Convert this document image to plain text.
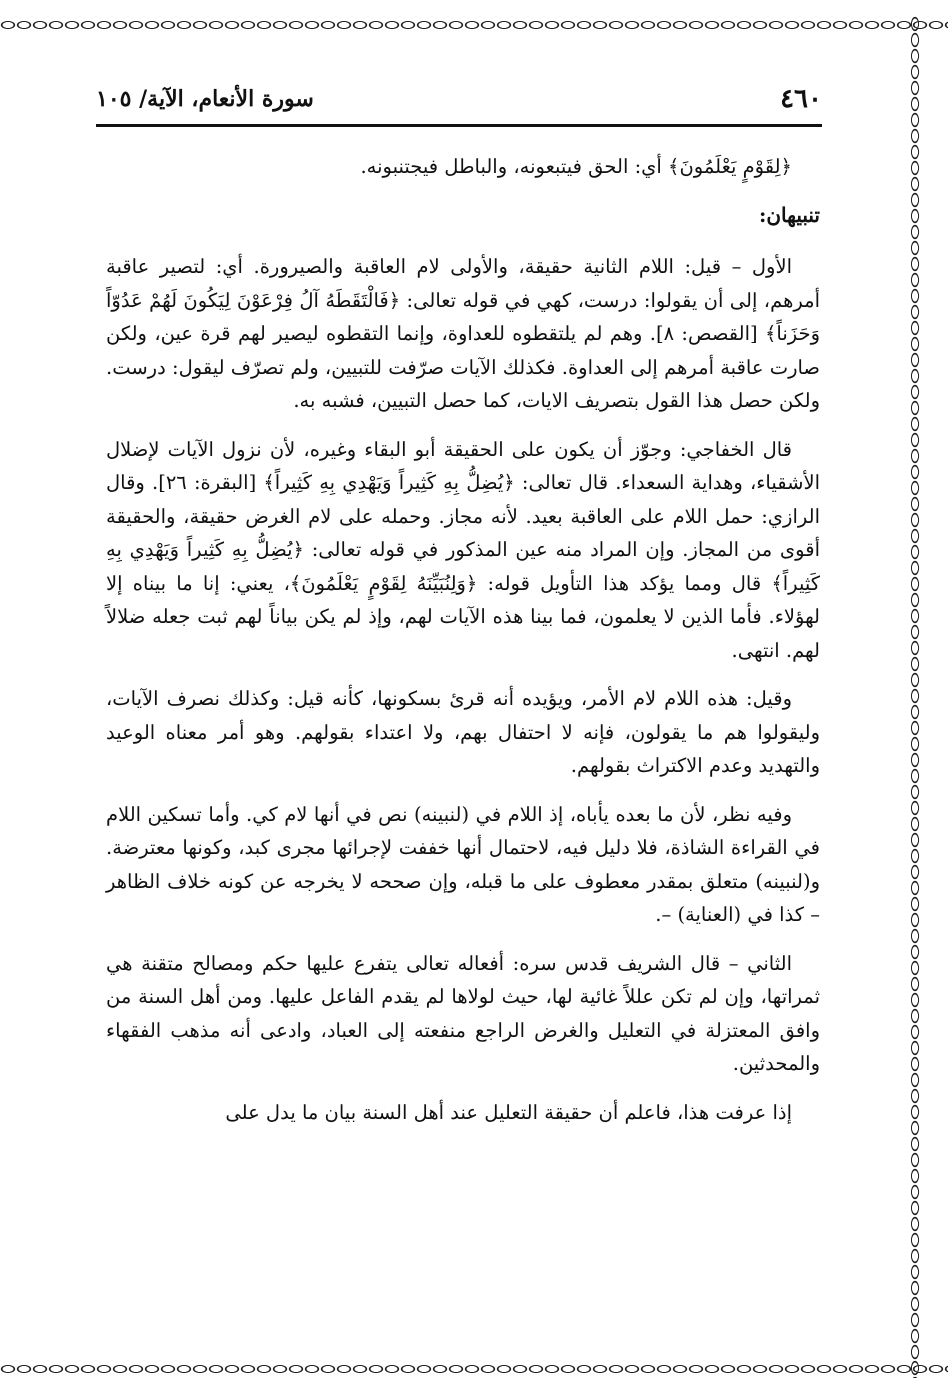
٤٦٠
سورة الأنعام، الآية/ ١٠٥

﴿لِقَوْمٍ يَعْلَمُونَ﴾ أي: الحق فيتبعونه، والباطل فيجتنبونه.

تنبيهان:

الأول – قيل: اللام الثانية حقيقة، والأولى لام العاقبة والصيرورة. أي: لتصير عاقبة أمرهم، إلى أن يقولوا: درست، كهي في قوله تعالى: ﴿فَالْتَقَطَهُ آلُ فِرْعَوْنَ لِيَكُونَ لَهُمْ عَدُوّاً وَحَزَناً﴾ [القصص: ٨]. وهم لم يلتقطوه للعداوة، وإنما التقطوه ليصير لهم قرة عين، ولكن صارت عاقبة أمرهم إلى العداوة. فكذلك الآيات صرّفت للتبيين، ولم تصرّف ليقول: درست. ولكن حصل هذا القول بتصريف الايات، كما حصل التبيين، فشبه به.

قال الخفاجي: وجوّز أن يكون على الحقيقة أبو البقاء وغيره، لأن نزول الآيات لإضلال الأشقياء، وهداية السعداء. قال تعالى: ﴿يُضِلُّ بِهِ كَثِيراً وَيَهْدِي بِهِ كَثِيراً﴾ [البقرة: ٢٦]. وقال الرازي: حمل اللام على العاقبة بعيد. لأنه مجاز. وحمله على لام الغرض حقيقة، والحقيقة أقوى من المجاز. وإن المراد منه عين المذكور في قوله تعالى: ﴿يُضِلُّ بِهِ كَثِيراً وَيَهْدِي بِهِ كَثِيراً﴾ قال ومما يؤكد هذا التأويل قوله: ﴿وَلِنُبَيِّنَهُ لِقَوْمٍ يَعْلَمُونَ﴾، يعني: إنا ما بيناه إلا لهؤلاء. فأما الذين لا يعلمون، فما بينا هذه الآيات لهم، وإذ لم يكن بياناً لهم ثبت جعله ضلالاً لهم. انتهى.

وقيل: هذه اللام لام الأمر، ويؤيده أنه قرئ بسكونها، كأنه قيل: وكذلك نصرف الآيات، وليقولوا هم ما يقولون، فإنه لا احتفال بهم، ولا اعتداء بقولهم. وهو أمر معناه الوعيد والتهديد وعدم الاكتراث بقولهم.

وفيه نظر، لأن ما بعده يأباه، إذ اللام في (لنبينه) نص في أنها لام كي. وأما تسكين اللام في القراءة الشاذة، فلا دليل فيه، لاحتمال أنها خففت لإجرائها مجرى كبد، وكونها معترضة. و(لنبينه) متعلق بمقدر معطوف على ما قبله، وإن صححه لا يخرجه عن كونه خلاف الظاهر – كذا في (العناية) –.

الثاني – قال الشريف قدس سره: أفعاله تعالى يتفرع عليها حكم ومصالح متقنة هي ثمراتها، وإن لم تكن عللاً غائية لها، حيث لولاها لم يقدم الفاعل عليها. ومن أهل السنة من وافق المعتزلة في التعليل والغرض الراجع منفعته إلى العباد، وادعى أنه مذهب الفقهاء والمحدثين.

إذا عرفت هذا، فاعلم أن حقيقة التعليل عند أهل السنة بيان ما يدل على
